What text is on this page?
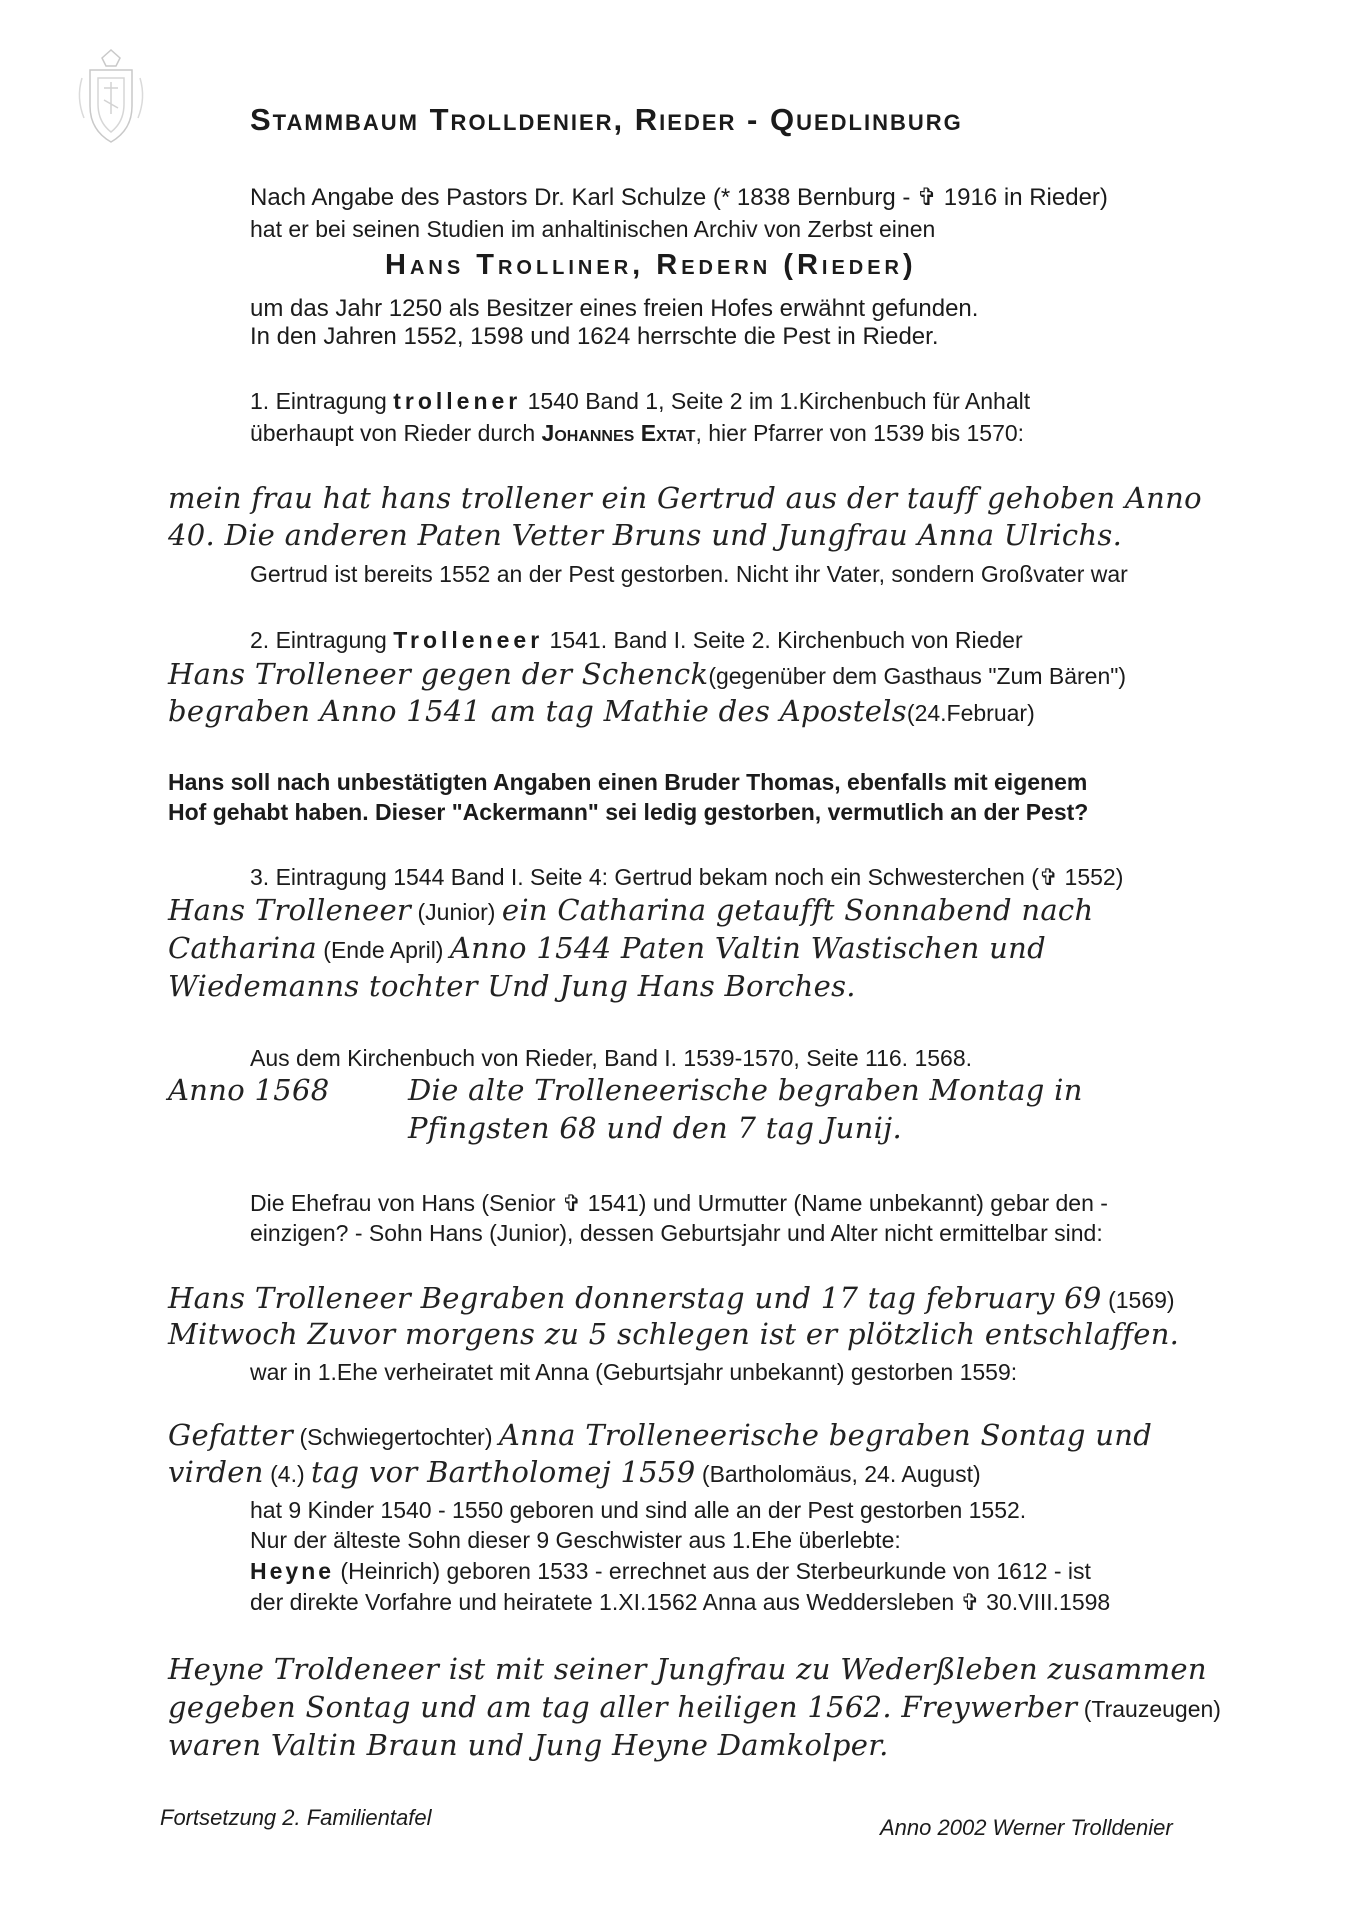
Stammbaum Trolldenier, Rieder - Quedlinburg
Nach Angabe des Pastors Dr. Karl Schulze (* 1838 Bernburg - ✞ 1916 in Rieder)
hat er bei seinen Studien im anhaltinischen Archiv von Zerbst einen
Hans Trolliner, Redern (Rieder)
um das Jahr 1250 als Besitzer eines freien Hofes erwähnt gefunden.
In den Jahren 1552, 1598 und 1624 herrschte die Pest in Rieder.
1. Eintragung trollener 1540 Band 1, Seite 2 im 1.Kirchenbuch für Anhalt
überhaupt von Rieder durch Johannes Extat, hier Pfarrer von 1539 bis 1570:
mein frau hat hans trollener ein Gertrud aus der tauff gehoben Anno
40. Die anderen Paten Vetter Bruns und Jungfrau Anna Ulrichs.
Gertrud ist bereits 1552 an der Pest gestorben. Nicht ihr Vater, sondern Großvater war
2. Eintragung Trolleneer 1541. Band I. Seite 2. Kirchenbuch von Rieder
Hans Trolleneer gegen der Schenck(gegenüber dem Gasthaus "Zum Bären")
begraben Anno 1541 am tag Mathie des Apostels(24.Februar)
Hans soll nach unbestätigten Angaben einen Bruder Thomas, ebenfalls mit eigenem
Hof gehabt haben. Dieser "Ackermann" sei ledig gestorben, vermutlich an der Pest?
3. Eintragung 1544 Band I. Seite 4: Gertrud bekam noch ein Schwesterchen (✞ 1552)
Hans Trolleneer (Junior) ein Catharina getaufft Sonnabend nach
Catharina (Ende April) Anno 1544 Paten Valtin Wastischen und
Wiedemanns tochter Und Jung Hans Borches.
Aus dem Kirchenbuch von Rieder, Band I. 1539-1570, Seite 116. 1568.
Anno 1568	Die alte Trolleneerische begraben Montag in
Pfingsten 68 und den 7 tag Junij.
Die Ehefrau von Hans (Senior ✞ 1541) und Urmutter (Name unbekannt) gebar den -
einzigen? - Sohn Hans (Junior), dessen Geburtsjahr und Alter nicht ermittelbar sind:
Hans Trolleneer Begraben donnerstag und 17 tag february 69 (1569)
Mitwoch Zuvor morgens zu 5 schlegen ist er plötzlich entschlaffen.
war in 1.Ehe verheiratet mit Anna (Geburtsjahr unbekannt) gestorben 1559:
Gefatter (Schwiegertochter) Anna Trolleneerische begraben Sontag und
virden (4.) tag vor Bartholomej 1559 (Bartholomäus, 24. August)
hat 9 Kinder 1540 - 1550 geboren und sind alle an der Pest gestorben 1552.
Nur der älteste Sohn dieser 9 Geschwister aus 1.Ehe überlebte:
Heyne (Heinrich) geboren 1533 - errechnet aus der Sterbeurkunde von 1612 - ist
der direkte Vorfahre und heiratete 1.XI.1562 Anna aus Weddersleben ✞ 30.VIII.1598
Heyne Troldeneer ist mit seiner Jungfrau zu Wederßleben zusammen
gegeben Sontag und am tag aller heiligen 1562. Freywerber (Trauzeugen)
waren Valtin Braun und Jung Heyne Damkolper.
Fortsetzung 2. Familientafel	Anno 2002 Werner Trolldenier
